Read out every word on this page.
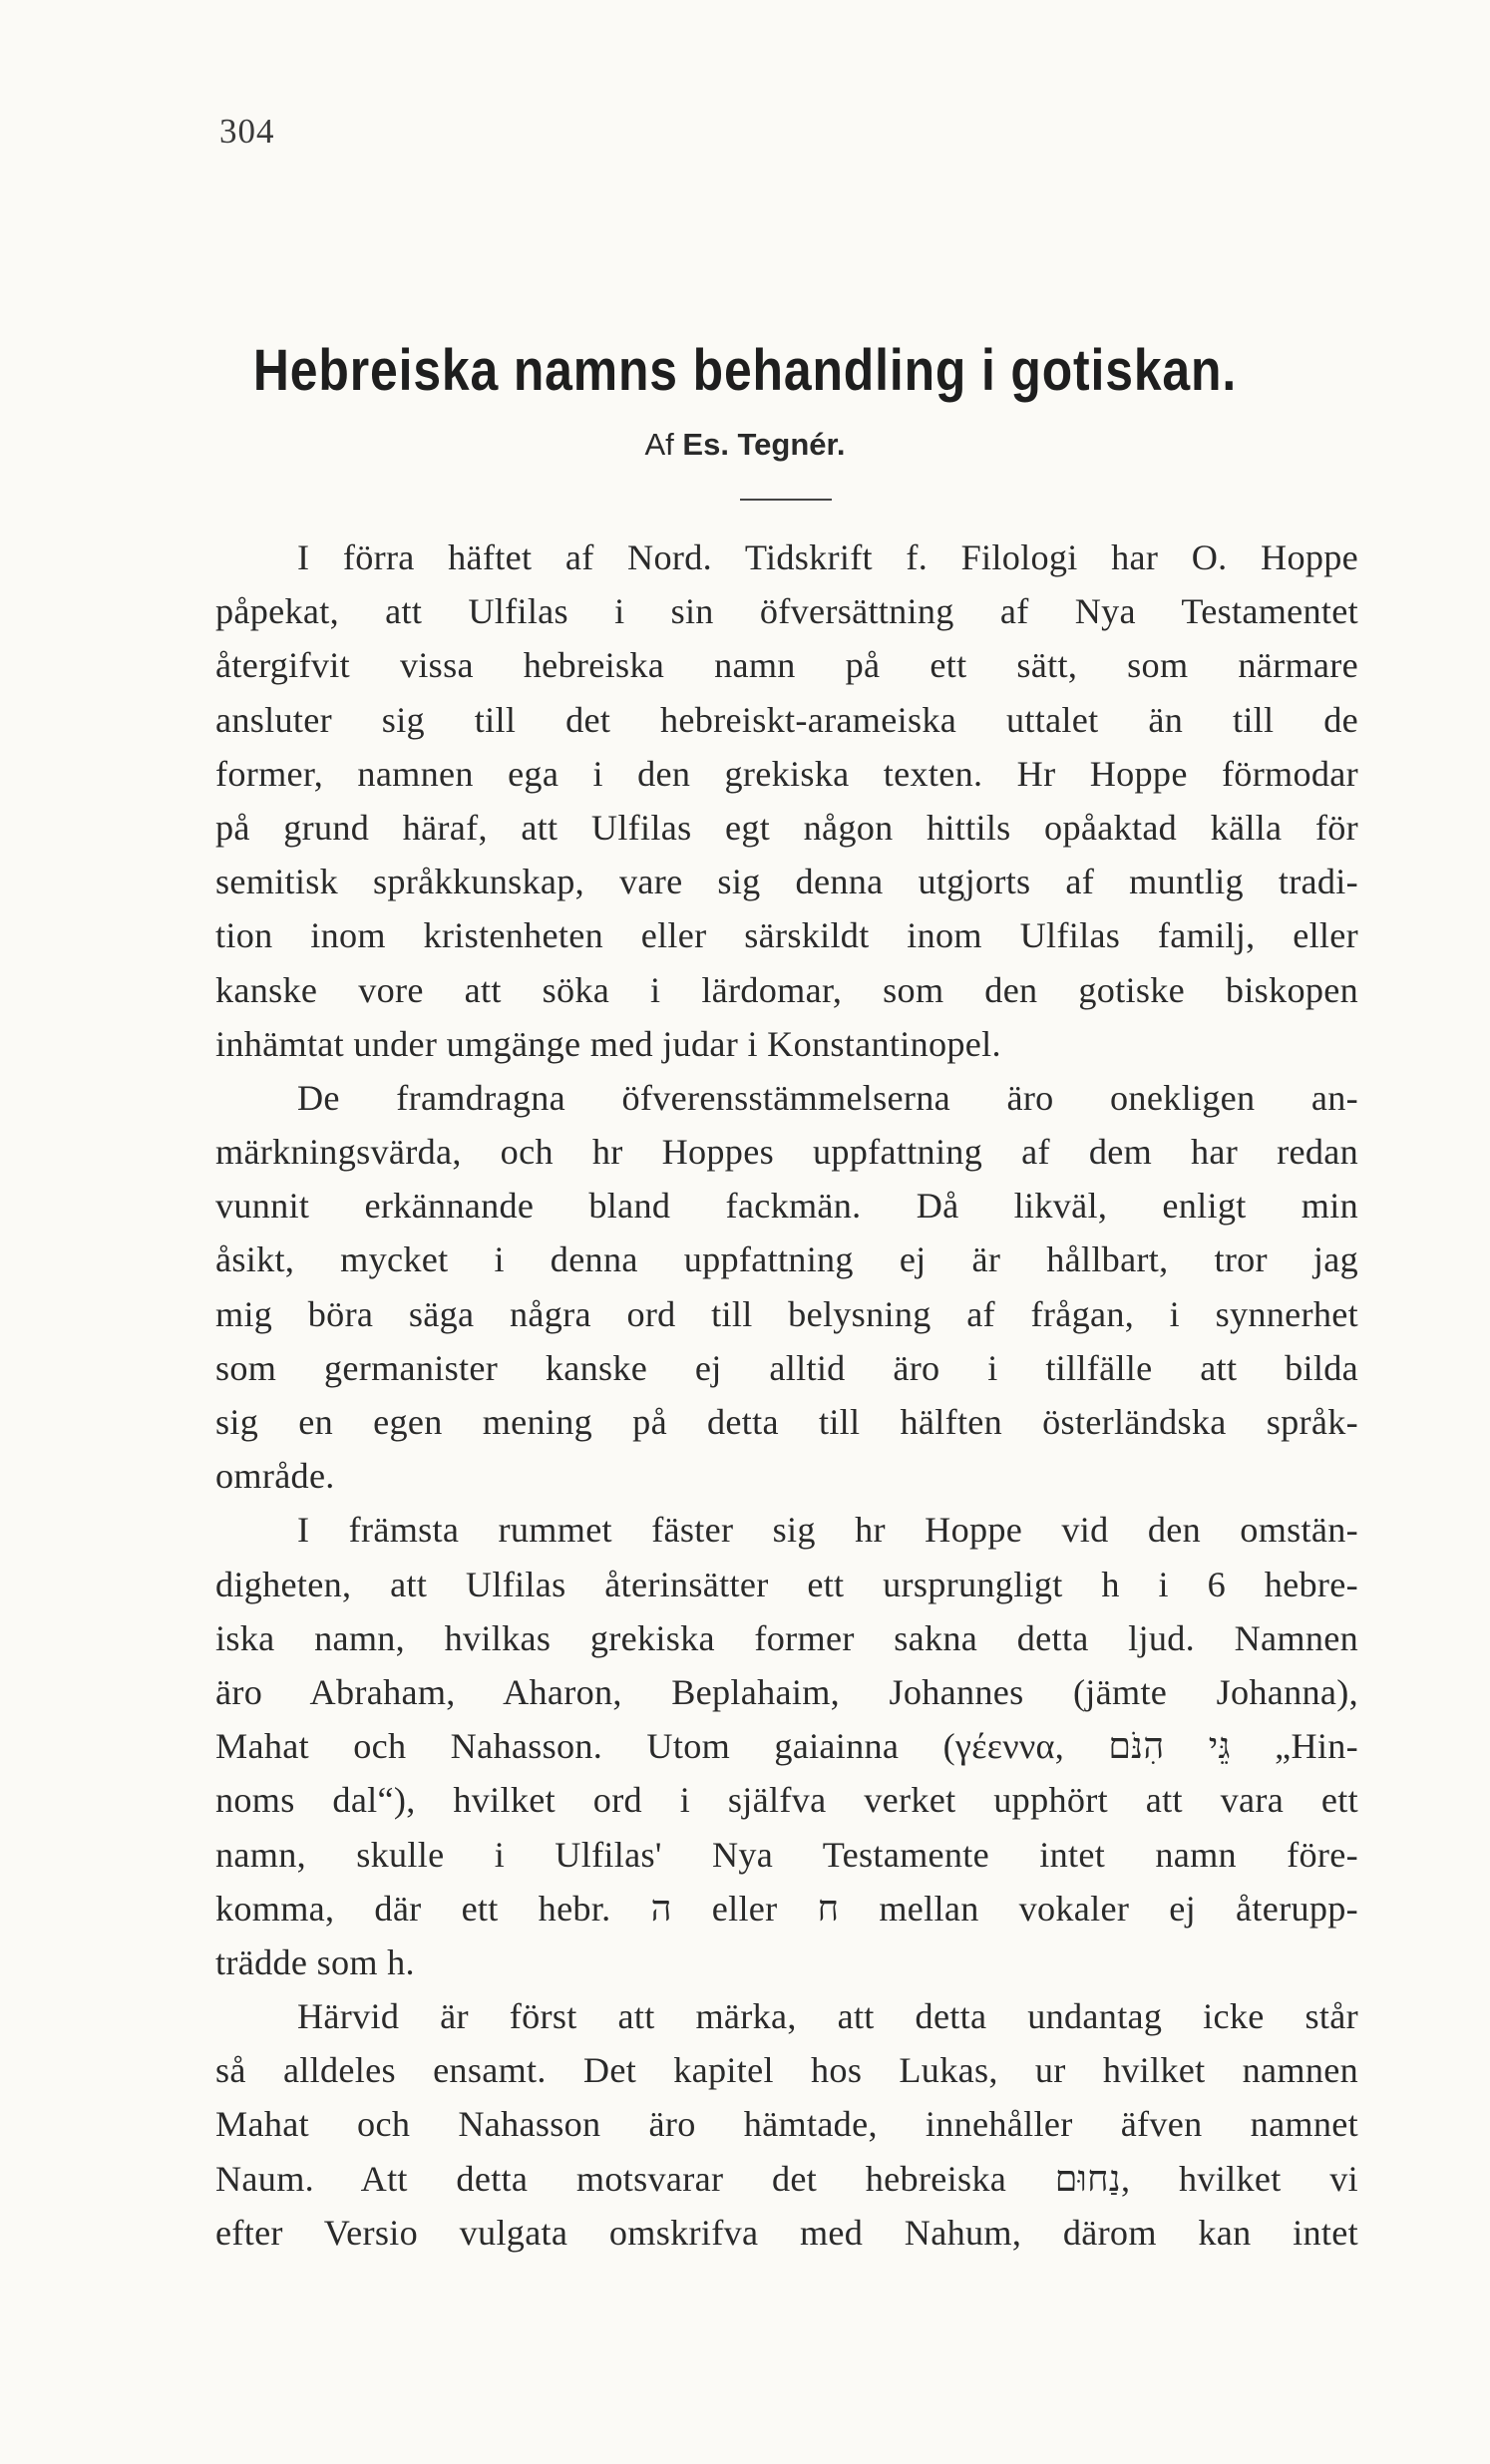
304
Hebreiska namns behandling i gotiskan.
Af Es. Tegnér.
I förra häftet af Nord. Tidskrift f. Filologi har O. Hoppe
påpekat, att Ulfilas i sin öfversättning af Nya Testamentet
återgifvit vissa hebreiska namn på ett sätt, som närmare
ansluter sig till det hebreiskt-arameiska uttalet än till de
former, namnen ega i den grekiska texten. Hr Hoppe förmodar
på grund häraf, att Ulfilas egt någon hittils opåaktad källa för
semitisk språkkunskap, vare sig denna utgjorts af muntlig tradi-
tion inom kristenheten eller särskildt inom Ulfilas familj, eller
kanske vore att söka i lärdomar, som den gotiske biskopen
inhämtat under umgänge med judar i Konstantinopel.
De framdragna öfverensstämmelserna äro onekligen an-
märkningsvärda, och hr Hoppes uppfattning af dem har redan
vunnit erkännande bland fackmän. Då likväl, enligt min
åsikt, mycket i denna uppfattning ej är hållbart, tror jag
mig böra säga några ord till belysning af frågan, i synnerhet
som germanister kanske ej alltid äro i tillfälle att bilda
sig en egen mening på detta till hälften österländska språk-
område.
I främsta rummet fäster sig hr Hoppe vid den omstän-
digheten, att Ulfilas återinsätter ett ursprungligt h i 6 hebre-
iska namn, hvilkas grekiska former sakna detta ljud. Namnen
äro Abraham, Aharon, Beplahaim, Johannes (jämte Johanna),
Mahat och Nahasson. Utom gaiainna (γέεννα, גֵּי הִנֹּם „Hin-
noms dal“), hvilket ord i själfva verket upphört att vara ett
namn, skulle i Ulfilas' Nya Testamente intet namn före-
komma, där ett hebr. ה eller ח mellan vokaler ej återupp-
trädde som h.
Härvid är först att märka, att detta undantag icke står
så alldeles ensamt. Det kapitel hos Lukas, ur hvilket namnen
Mahat och Nahasson äro hämtade, innehåller äfven namnet
Naum. Att detta motsvarar det hebreiska נַחוּם, hvilket vi
efter Versio vulgata omskrifva med Nahum, därom kan intet
